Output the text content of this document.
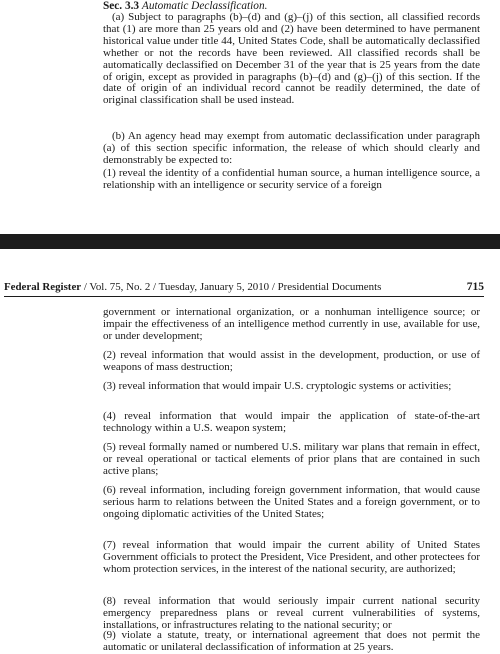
Sec. 3.3 Automatic Declassification.

(a) Subject to paragraphs (b)–(d) and (g)–(j) of this section, all classified records that (1) are more than 25 years old and (2) have been determined to have permanent historical value under title 44, United States Code, shall be automatically declassified whether or not the records have been reviewed. All classified records shall be automatically declassified on December 31 of the year that is 25 years from the date of origin, except as provided in paragraphs (b)–(d) and (g)–(j) of this section. If the date of origin of an individual record cannot be readily determined, the date of original classification shall be used instead.

(b) An agency head may exempt from automatic declassification under paragraph (a) of this section specific information, the release of which should clearly and demonstrably be expected to:

(1) reveal the identity of a confidential human source, a human intelligence source, a relationship with an intelligence or security service of a foreign

Federal Register / Vol. 75, No. 2 / Tuesday, January 5, 2010 / Presidential Documents	715

government or international organization, or a nonhuman intelligence source; or impair the effectiveness of an intelligence method currently in use, available for use, or under development;

(2) reveal information that would assist in the development, production, or use of weapons of mass destruction;

(3) reveal information that would impair U.S. cryptologic systems or activities;

(4) reveal information that would impair the application of state-of-the-art technology within a U.S. weapon system;

(5) reveal formally named or numbered U.S. military war plans that remain in effect, or reveal operational or tactical elements of prior plans that are contained in such active plans;

(6) reveal information, including foreign government information, that would cause serious harm to relations between the United States and a foreign government, or to ongoing diplomatic activities of the United States;

(7) reveal information that would impair the current ability of United States Government officials to protect the President, Vice President, and other protectees for whom protection services, in the interest of the national security, are authorized;

(8) reveal information that would seriously impair current national security emergency preparedness plans or reveal current vulnerabilities of systems, installations, or infrastructures relating to the national security; or

(9) violate a statute, treaty, or international agreement that does not permit the automatic or unilateral declassification of information at 25 years.
